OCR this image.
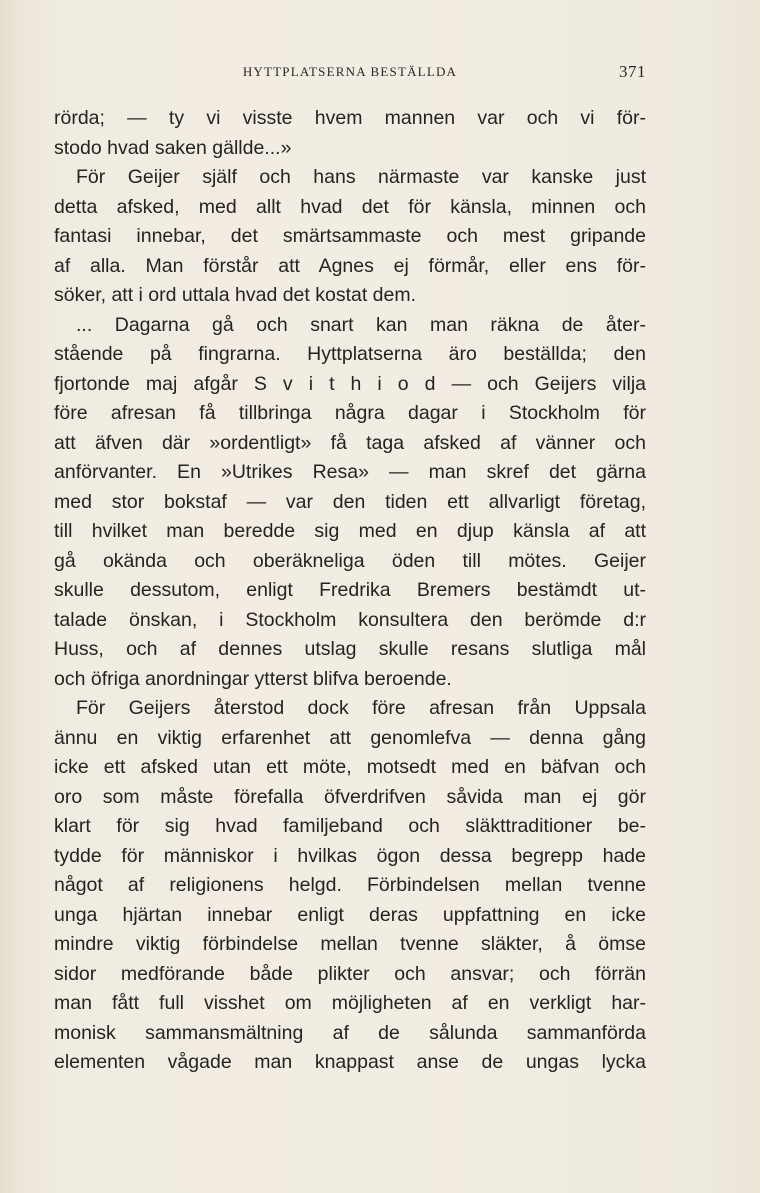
HYTTPLATSERNA BESTÄLLDA	371
rörda; — ty vi visste hvem mannen var och vi för-
stodo hvad saken gällde...»
För Geijer själf och hans närmaste var kanske just
detta afsked, med allt hvad det för känsla, minnen och
fantasi innebar, det smärtsammaste och mest gripande
af alla. Man förstår att Agnes ej förmår, eller ens för-
söker, att i ord uttala hvad det kostat dem.
... Dagarna gå och snart kan man räkna de åter-
stående på fingrarna. Hyttplatserna äro beställda; den
fjortonde maj afgår S v i t h i o d — och Geijers vilja
före afresan få tillbringa några dagar i Stockholm för
att äfven där »ordentligt» få taga afsked af vänner och
anförvanter. En »Utrikes Resa» — man skref det gärna
med stor bokstaf — var den tiden ett allvarligt företag,
till hvilket man beredde sig med en djup känsla af att
gå okända och oberäkneliga öden till mötes. Geijer
skulle dessutom, enligt Fredrika Bremers bestämdt ut-
talade önskan, i Stockholm konsultera den berömde d:r
Huss, och af dennes utslag skulle resans slutliga mål
och öfriga anordningar ytterst blifva beroende.
För Geijers återstod dock före afresan från Uppsala
ännu en viktig erfarenhet att genomlefva — denna gång
icke ett afsked utan ett möte, motsedt med en bäfvan och
oro som måste förefalla öfverdrifven såvida man ej gör
klart för sig hvad familjeband och släkttraditioner be-
tydde för människor i hvilkas ögon dessa begrepp hade
något af religionens helgd. Förbindelsen mellan tvenne
unga hjärtan innebar enligt deras uppfattning en icke
mindre viktig förbindelse mellan tvenne släkter, å ömse
sidor medförande både plikter och ansvar; och förrän
man fått full visshet om möjligheten af en verkligt har-
monisk sammansmältning af de sålunda sammanförda
elementen vågade man knappast anse de ungas lycka
